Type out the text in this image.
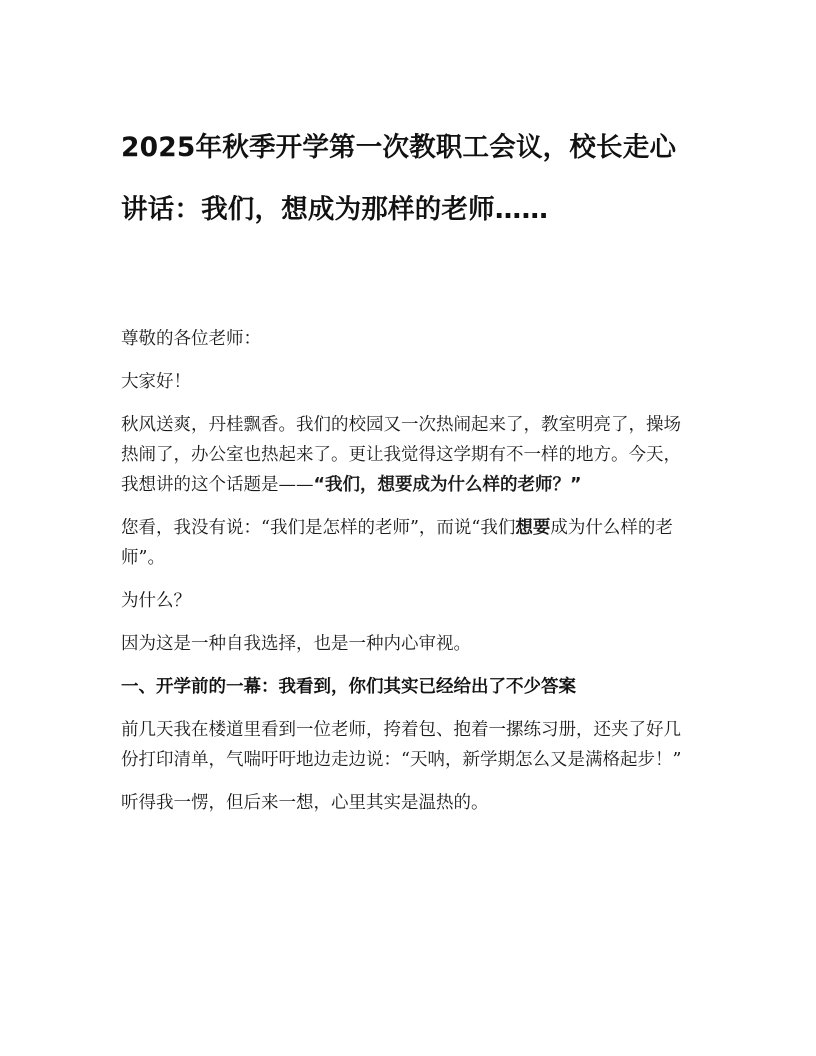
2025年秋季开学第一次教职工会议，校长走心讲话：我们，想成为那样的老师……

尊敬的各位老师：

大家好！

秋风送爽，丹桂飘香。我们的校园又一次热闹起来了，教室明亮了，操场热闹了，办公室也热起来了。更让我觉得这学期有不一样的地方。今天，我想讲的这个话题是——“我们，想要成为什么样的老师？”

您看，我没有说：“我们是怎样的老师”，而说“我们想要成为什么样的老师”。

为什么？

因为这是一种自我选择，也是一种内心审视。

一、开学前的一幕：我看到，你们其实已经给出了不少答案

前几天我在楼道里看到一位老师，挎着包、抱着一摞练习册，还夹了好几份打印清单，气喘吁吁地边走边说：“天呐，新学期怎么又是满格起步！”

听得我一愣，但后来一想，心里其实是温热的。
